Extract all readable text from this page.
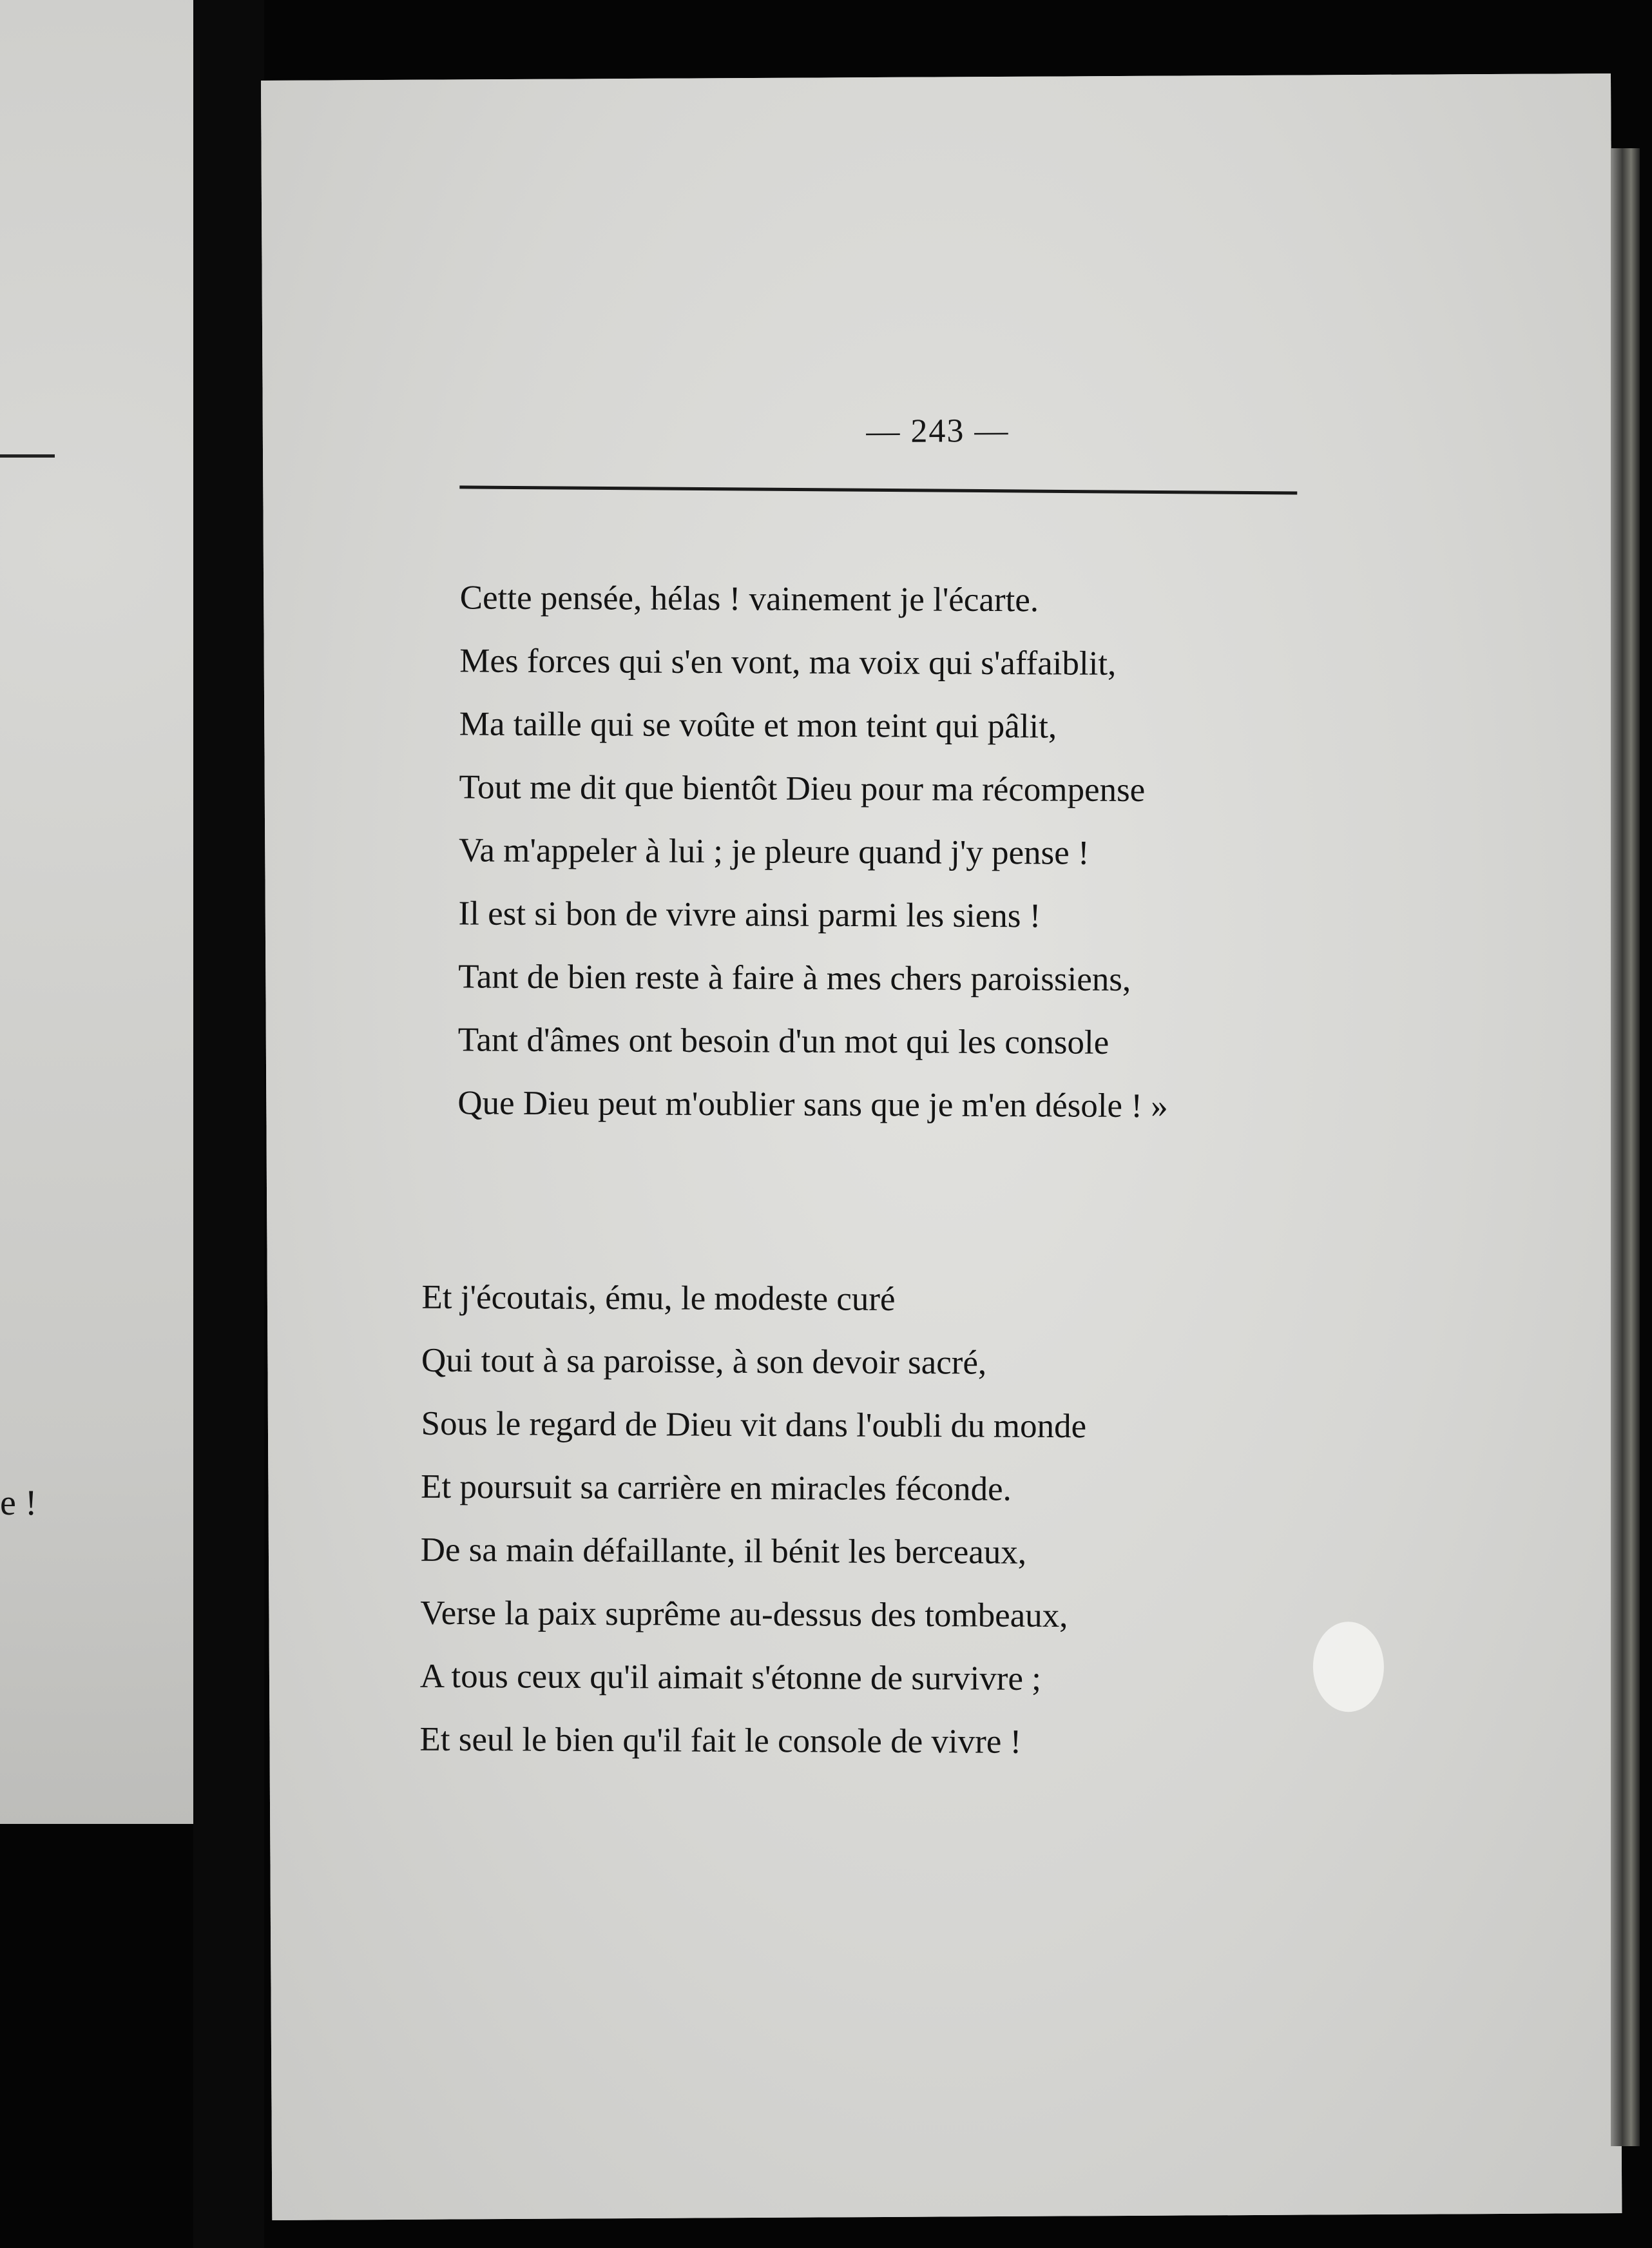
e !
— 243 —
Cette pensée, hélas ! vainement je l'écarte.
Mes forces qui s'en vont, ma voix qui s'affaiblit,
Ma taille qui se voûte et mon teint qui pâlit,
Tout me dit que bientôt Dieu pour ma récompense
Va m'appeler à lui ; je pleure quand j'y pense !
Il est si bon de vivre ainsi parmi les siens !
Tant de bien reste à faire à mes chers paroissiens,
Tant d'âmes ont besoin d'un mot qui les console
Que Dieu peut m'oublier sans que je m'en désole ! »
Et j'écoutais, ému, le modeste curé
Qui tout à sa paroisse, à son devoir sacré,
Sous le regard de Dieu vit dans l'oubli du monde
Et poursuit sa carrière en miracles féconde.
De sa main défaillante, il bénit les berceaux,
Verse la paix suprême au-dessus des tombeaux,
A tous ceux qu'il aimait s'étonne de survivre ;
Et seul le bien qu'il fait le console de vivre !
